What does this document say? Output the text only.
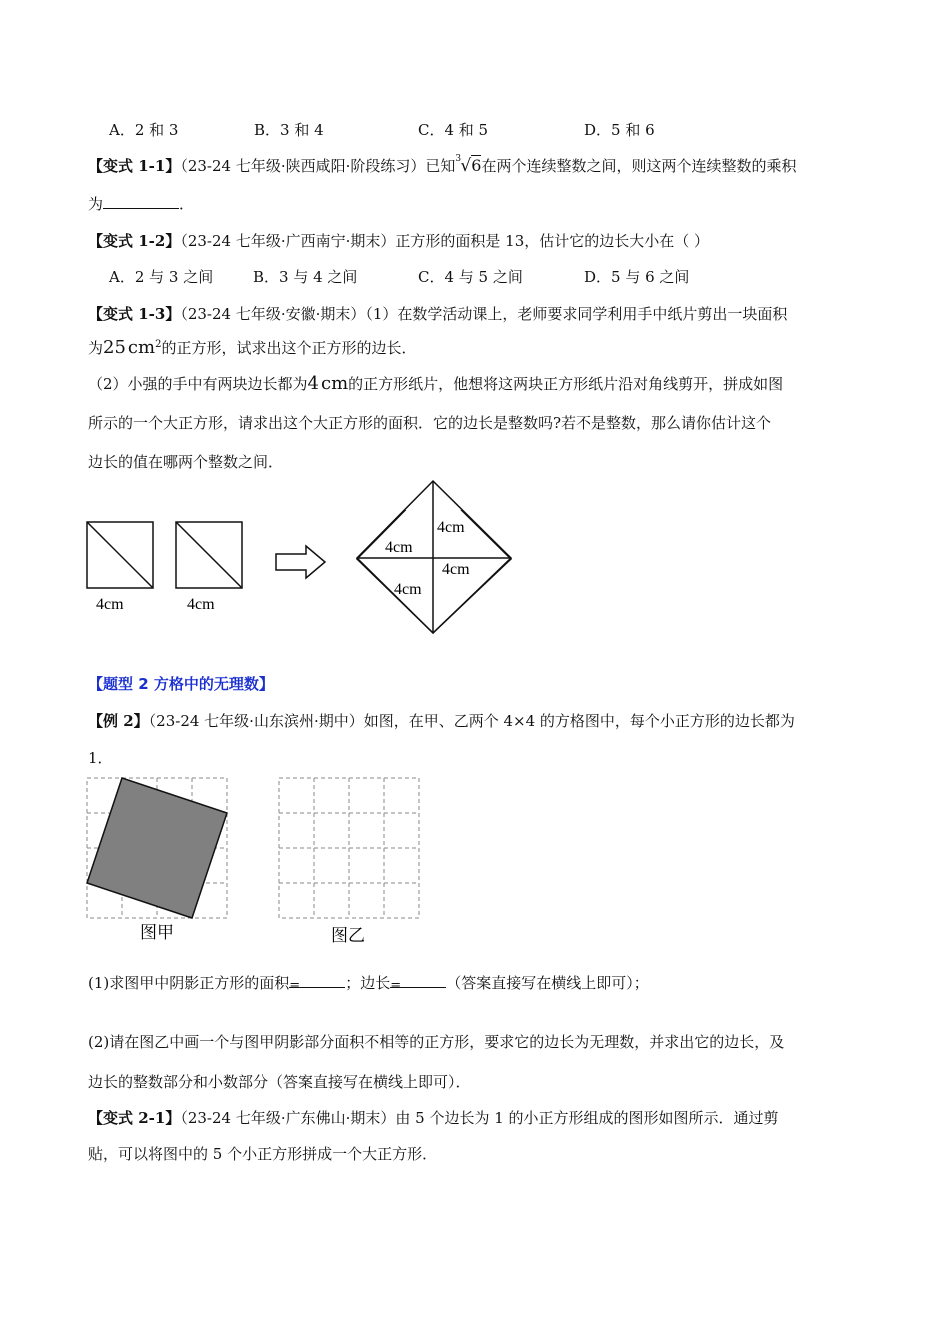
A．2 和 3	B．3 和 4	C．4 和 5	D．5 和 6
【变式 1-1】（23-24 七年级·陕西咸阳·阶段练习）已知 3 √6在两个连续整数之间，则这两个连续整数的乘积
为	．
【变式 1-2】（23-24 七年级·广西南宁·期末）正方形的面积是 13，估计它的边长大小在（ ）
A．2 与 3 之间	B．3 与 4 之间	C．4 与 5 之间	D．5 与 6 之间
【变式 1-3】（23-24 七年级·安徽·期末）（1）在数学活动课上，老师要求同学利用手中纸片剪出一块面积
为25 $cm^2$的正方形，试求出这个正方形的边长．
（2）小强的手中有两块边长都为4 cm的正方形纸片，他想将这两块正方形纸片沿对角线剪开，拼成如图
所示的一个大正方形，请求出这个大正方形的面积．它的边长是整数吗?若不是整数，那么请你估计这个
边长的值在哪两个整数之间．
4cm	4cm
4cm
4cm
4cm
4cm
【题型 2 方格中的无理数】
【例 2】（23-24 七年级·山东滨州·期中）如图，在甲、乙两个 4×4 的方格图中，每个小正方形的边长都为
1．
图甲	图乙
(1)求图甲中阴影正方形的面积 =	；边长 =	（答案直接写在横线上即可）；
(2)请在图乙中画一个与图甲阴影部分面积不相等的正方形，要求它的边长为无理数，并求出它的边长，及
边长的整数部分和小数部分（答案直接写在横线上即可）．
【变式 2-1】（23-24 七年级·广东佛山·期末）由 5 个边长为 1 的小正方形组成的图形如图所示．通过剪
贴，可以将图中的 5 个小正方形拼成一个大正方形．
